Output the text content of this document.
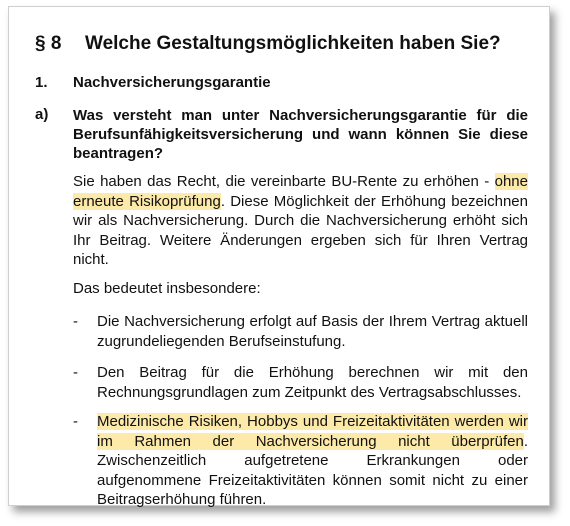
§ 8 Welche Gestaltungsmöglichkeiten haben Sie?
1. Nachversicherungsgarantie
a) Was versteht man unter Nachversicherungsgarantie für die Berufsunfähigkeitsversicherung und wann können Sie diese beantragen?
Sie haben das Recht, die vereinbarte BU-Rente zu erhöhen - ohne erneute Risikoprüfung. Diese Möglichkeit der Erhöhung bezeichnen wir als Nachversicherung. Durch die Nachversicherung erhöht sich Ihr Beitrag. Weitere Änderungen ergeben sich für Ihren Vertrag nicht.
Das bedeutet insbesondere:
- Die Nachversicherung erfolgt auf Basis der Ihrem Vertrag aktuell zugrundeliegenden Berufseinstufung.
- Den Beitrag für die Erhöhung berechnen wir mit den Rechnungsgrundlagen zum Zeitpunkt des Vertragsabschlusses.
- Medizinische Risiken, Hobbys und Freizeitaktivitäten werden wir im Rahmen der Nachversicherung nicht überprüfen. Zwischenzeitlich aufgetretene Erkrankungen oder aufgenommene Freizeitaktivitäten können somit nicht zu einer Beitragserhöhung führen.
